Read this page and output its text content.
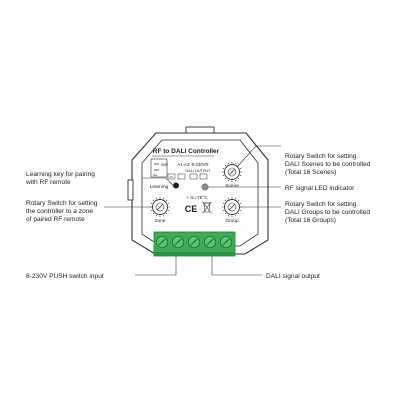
RF to DALI Controller
SMP
NA
A1-A2: 8-230VR
DALI OUTPUT
AC
Learning	Scene
Zone	Group
+ tc=75°C
CE
Rotary Switch for setting DALI Scenes to be controlled (Total 16 Scenes)
Learning key for pairing with RF remote
RF signal LED indicator
Rotary Switch for setting the controller to a zone of paired RF remote
Rotary Switch for setting DALI Groups to be controlled (Total 16 Groups)
8-230V PUSH switch input	DALI signal output
